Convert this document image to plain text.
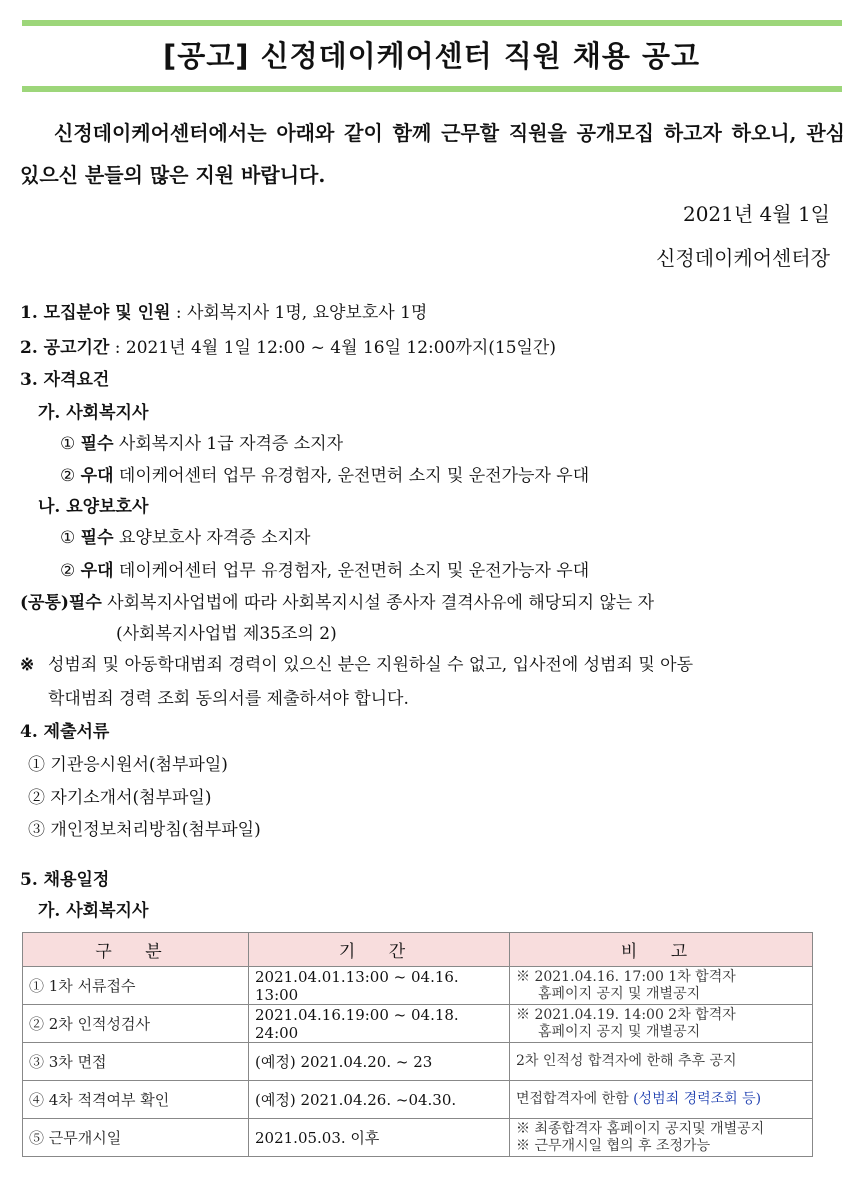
[공고] 신정데이케어센터 직원 채용 공고
신정데이케어센터에서는 아래와 같이 함께 근무할 직원을 공개모집 하고자 하오니, 관심 있으신 분들의 많은 지원 바랍니다.
2021년 4월 1일
신정데이케어센터장
1. 모집분야 및 인원 : 사회복지사 1명, 요양보호사 1명
2. 공고기간 : 2021년 4월 1일 12:00 ~ 4월 16일 12:00까지(15일간)
3. 자격요건
가. 사회복지사
① 필수 사회복지사 1급 자격증 소지자
② 우대 데이케어센터 업무 유경험자, 운전면허 소지 및 운전가능자 우대
나. 요양보호사
① 필수 요양보호사 자격증 소지자
② 우대 데이케어센터 업무 유경험자, 운전면허 소지 및 운전가능자 우대
(공통)필수 사회복지사업법에 따라 사회복지시설 종사자 결격사유에 해당되지 않는 자
(사회복지사업법 제35조의 2)
※ 성범죄 및 아동학대범죄 경력이 있으신 분은 지원하실 수 없고, 입사전에 성범죄 및 아동
학대범죄 경력 조회 동의서를 제출하셔야 합니다.
4. 제출서류
① 기관응시원서(첨부파일)
② 자기소개서(첨부파일)
③ 개인정보처리방침(첨부파일)
5. 채용일정
가. 사회복지사
구 분	기 간	비 고
① 1차 서류접수	2021.04.01.13:00 ~ 04.16. 13:00	※ 2021.04.16. 17:00 1차 합격자
홈페이지 공지 및 개별공지
② 2차 인적성검사	2021.04.16.19:00 ~ 04.18. 24:00	※ 2021.04.19. 14:00 2차 합격자
홈페이지 공지 및 개별공지
③ 3차 면접	(예정) 2021.04.20. ~ 23	2차 인적성 합격자에 한해 추후 공지
④ 4차 적격여부 확인	(예정) 2021.04.26. ~04.30.	면접합격자에 한함 (성범죄 경력조회 등)
⑤ 근무개시일	2021.05.03. 이후	※ 최종합격자 홈페이지 공지및 개별공지
※ 근무개시일 협의 후 조정가능
